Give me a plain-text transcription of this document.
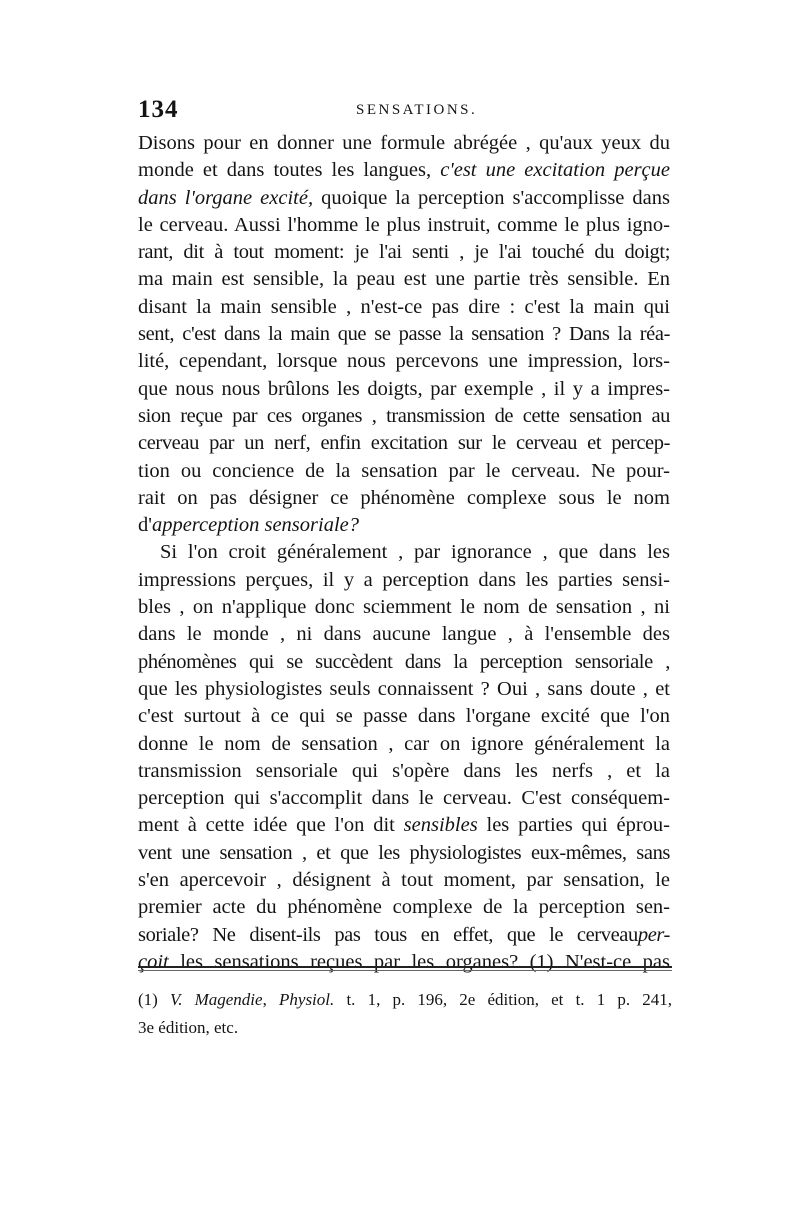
134	SENSATIONS.
Disons pour en donner une formule abrégée , qu'aux yeux du
monde et dans toutes les langues, c'est une excitation perçue
dans l'organe excité, quoique la perception s'accomplisse dans
le cerveau. Aussi l'homme le plus instruit, comme le plus igno-
rant, dit à tout moment: je l'ai senti , je l'ai touché du doigt;
ma main est sensible, la peau est une partie très sensible. En
disant la main sensible , n'est-ce pas dire : c'est la main qui
sent, c'est dans la main que se passe la sensation ? Dans la réa-
lité, cependant, lorsque nous percevons une impression, lors-
que nous nous brûlons les doigts, par exemple , il y a impres-
sion reçue par ces organes , transmission de cette sensation au
cerveau par un nerf, enfin excitation sur le cerveau et percep-
tion ou concience de la sensation par le cerveau. Ne pour-
rait on pas désigner ce phénomène complexe sous le nom
d'apperception sensoriale?
Si l'on croit généralement , par ignorance , que dans les
impressions perçues, il y a perception dans les parties sensi-
bles , on n'applique donc sciemment le nom de sensation , ni
dans le monde , ni dans aucune langue , à l'ensemble des
phénomènes qui se succèdent dans la perception sensoriale ,
que les physiologistes seuls connaissent ? Oui , sans doute , et
c'est surtout à ce qui se passe dans l'organe excité que l'on
donne le nom de sensation , car on ignore généralement la
transmission sensoriale qui s'opère dans les nerfs , et la
perception qui s'accomplit dans le cerveau. C'est conséquem-
ment à cette idée que l'on dit sensibles les parties qui éprou-
vent une sensation , et que les physiologistes eux-mêmes, sans
s'en apercevoir , désignent à tout moment, par sensation, le
premier acte du phénomène complexe de la perception sen-
soriale? Ne disent-ils pas tous en effet, que le cerveauper-
çoit les sensations reçues par les organes? (1) N'est-ce pas
(1) V. Magendie, Physiol. t. 1, p. 196, 2e édition, et t. 1 p. 241,
3e édition, etc.
